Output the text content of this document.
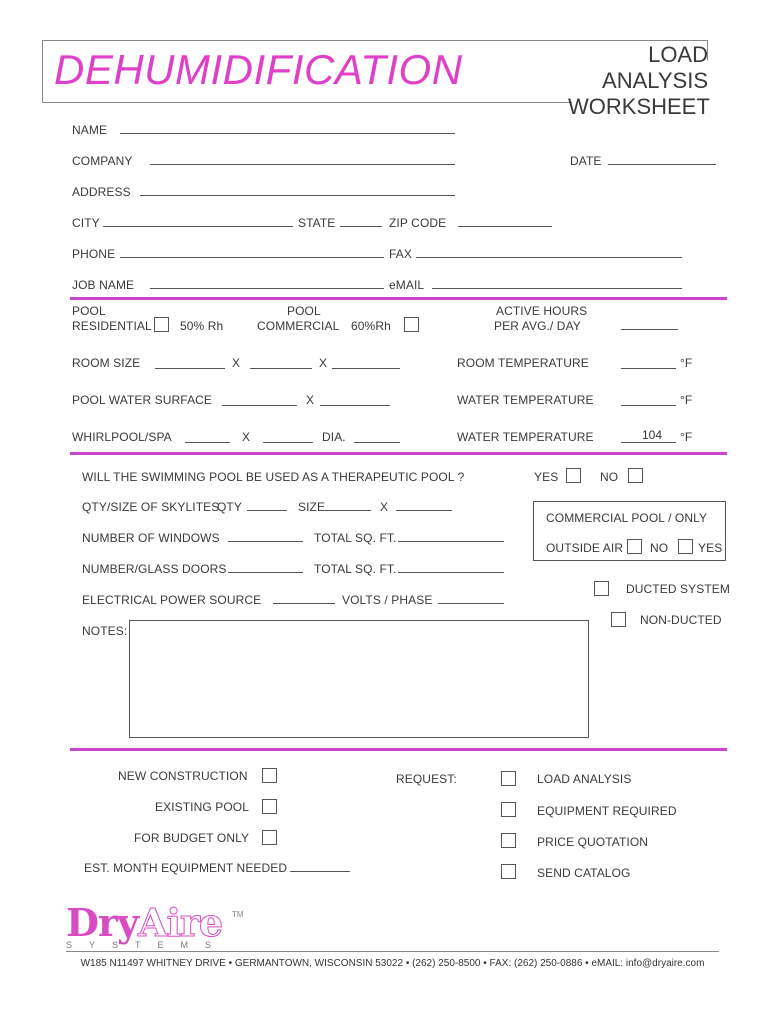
DEHUMIDIFICATION	LOAD
ANALYSIS
WORKSHEET
NAME
COMPANY	DATE
ADDRESS
CITY	STATE	ZIP CODE
PHONE	FAX
JOB NAME	eMAIL
POOL
RESIDENTIAL 50% Rh
POOL
COMMERCIAL 60%Rh
ACTIVE HOURS
PER AVG./ DAY
ROOM SIZE	X	X	ROOM TEMPERATURE	°F
POOL WATER SURFACE	X	WATER TEMPERATURE	°F
WHIRLPOOL/SPA	X	DIA.	WATER TEMPERATURE	104 °F
WILL THE SWIMMING POOL BE USED AS A THERAPEUTIC POOL ?	YES	NO
QTY/SIZE OF SKYLITES
QTY	SIZE	X
COMMERCIAL POOL / ONLY
OUTSIDE AIR NO YES
NUMBER OF WINDOWS	TOTAL SQ. FT.
NUMBER/GLASS DOORS	TOTAL SQ. FT.
DUCTED SYSTEM
ELECTRICAL POWER SOURCE	VOLTS / PHASE
NON-DUCTED
NOTES:
NEW CONSTRUCTION
EXISTING POOL
FOR BUDGET ONLY
EST. MONTH EQUIPMENT NEEDED
REQUEST:	LOAD ANALYSIS
EQUIPMENT REQUIRED
PRICE QUOTATION
SEND CATALOG
DryAire TM
SYSTEMS
W185 N11497 WHITNEY DRIVE • GERMANTOWN, WISCONSIN 53022 • (262) 250-8500 • FAX: (262) 250-0886 • eMAIL: info@dryaire.com
